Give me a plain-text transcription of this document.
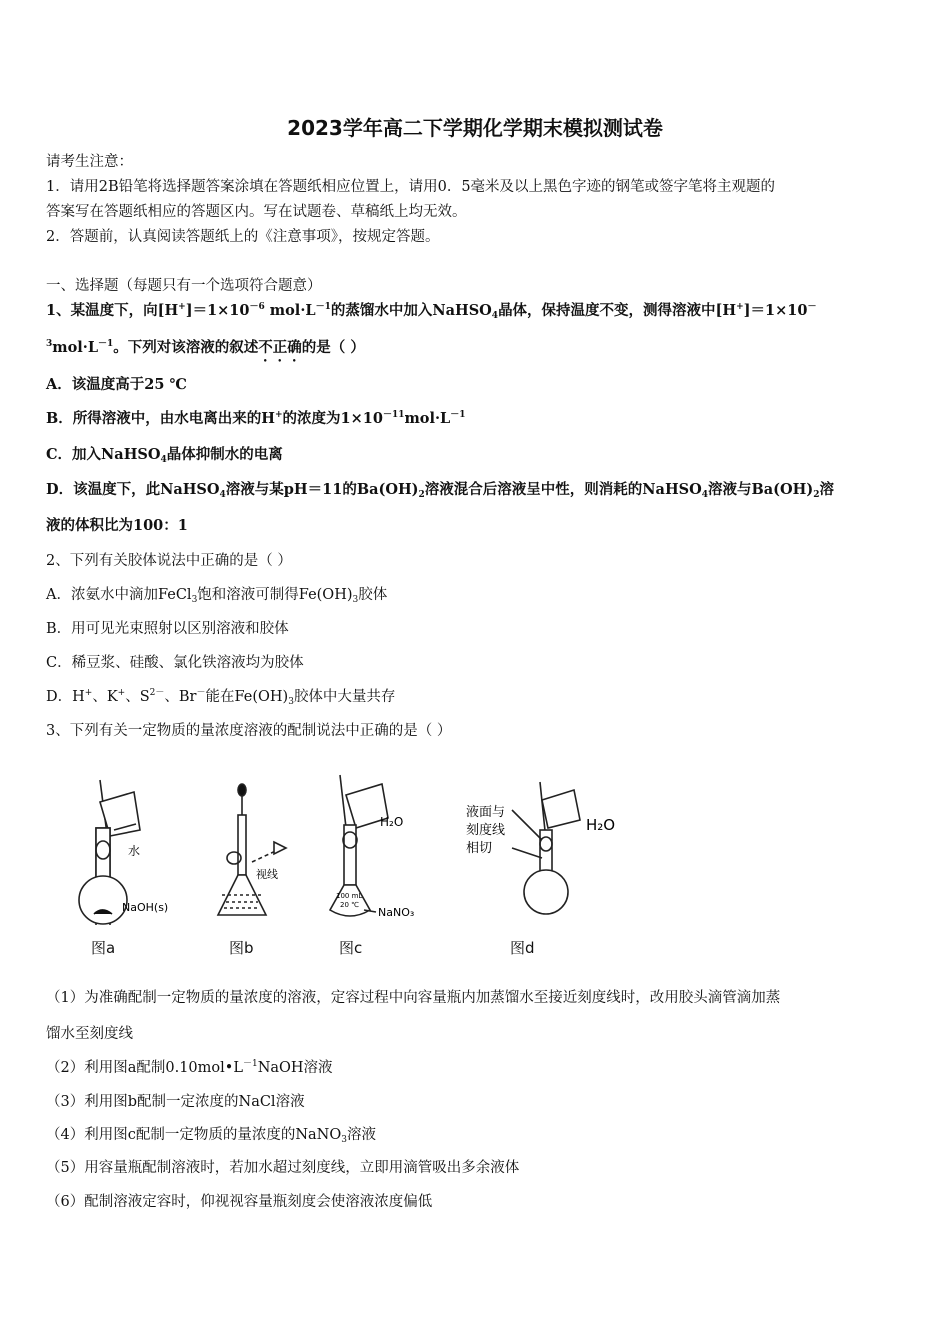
2023学年高二下学期化学期末模拟测试卷
请考生注意：
1．请用2B铅笔将选择题答案涂填在答题纸相应位置上，请用0．5毫米及以上黑色字迹的钢笔或签字笔将主观题的
答案写在答题纸相应的答题区内。写在试题卷、草稿纸上均无效。
2．答题前，认真阅读答题纸上的《注意事项》，按规定答题。
一、选择题（每题只有一个选项符合题意）
1、某温度下，向$[H^+]=1\times 10^{-6}$ $mol\cdot L^{-1}$的蒸馏水中加入NaHSO$_4$晶体，保持温度不变，测得溶液中[H+]＝1×10－
$^3mol\cdot L^{-1}$。下列对该溶液的叙述不正确的是（ ）
A．该温度高于25 ℃
B．所得溶液中，由水电离出来的H+的浓度为$1\times 10^{-11}mol\cdot L^{-1}$
C．加入NaHSO$_4$晶体抑制水的电离
D．该温度下，此NaHSO$_4$溶液与某pH＝11的$Ba(OH)_2$溶液混合后溶液呈中性，则消耗的NaHSO$_4$溶液与$Ba(OH)_2$溶
液的体积比为100：1
2、下列有关胶体说法中正确的是（ ）
A．浓氨水中滴加FeCl$_3$饱和溶液可制得$Fe(OH)_3$胶体
B．用可见光束照射以区别溶液和胶体
C．稀豆浆、硅酸、氯化铁溶液均为胶体
D．H+、K+、$S^{2-}$、Br－能在$Fe(OH)_3$胶体中大量共存
3、下列有关一定物质的量浓度溶液的配制说法中正确的是（ ）
水
NaOH(s)
图a
视线
图b
H₂O
100 mL
20 ℃
NaNO₃
图c
液面与
刻度线
相切
H₂O
图d
（1）为准确配制一定物质的量浓度的溶液，定容过程中向容量瓶内加蒸馏水至接近刻度线时，改用胶头滴管滴加蒸
馏水至刻度线
（2）利用图a配制$0.10mol•L^{-1}NaOH$溶液
（3）利用图b配制一定浓度的NaCl溶液
（4）利用图c配制一定物质的量浓度的NaNO$_3$溶液
（5）用容量瓶配制溶液时，若加水超过刻度线，立即用滴管吸出多余液体
（6）配制溶液定容时，仰视视容量瓶刻度会使溶液浓度偏低
